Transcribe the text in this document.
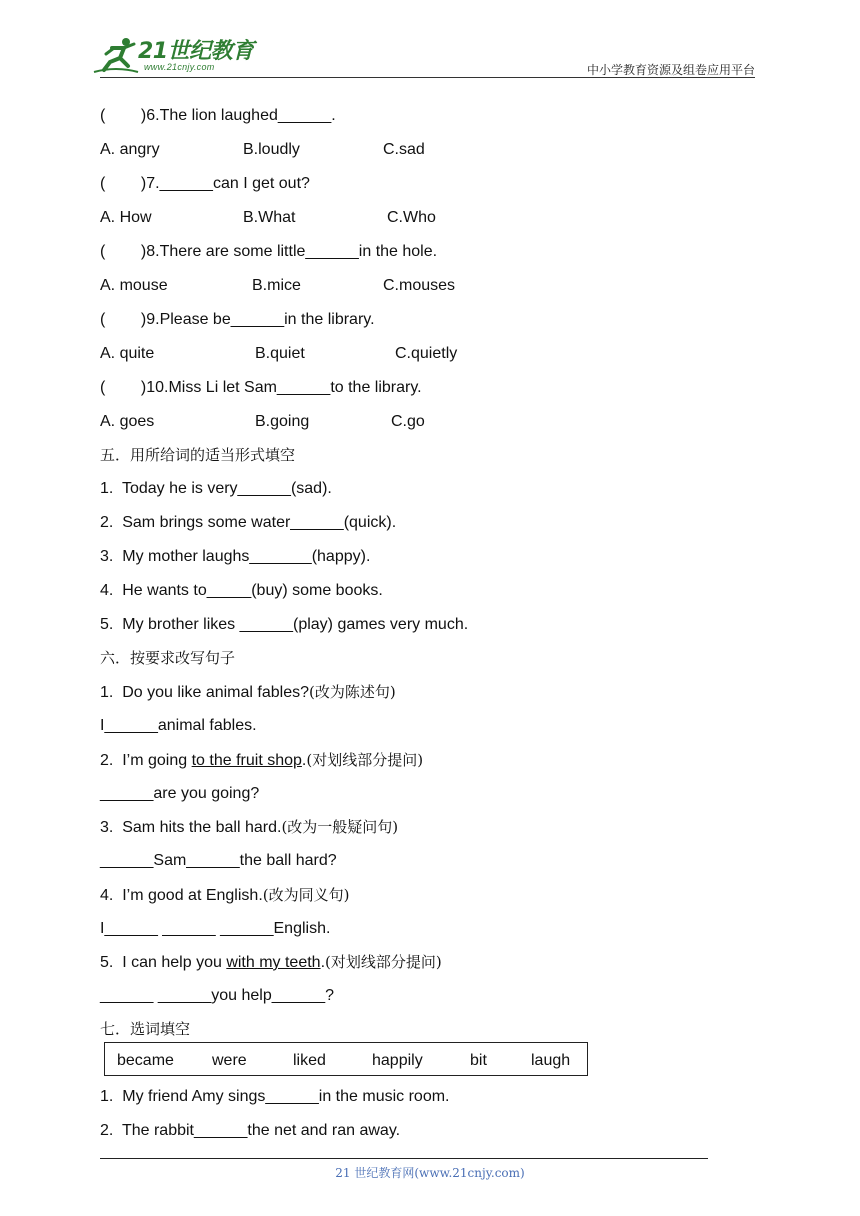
21世纪教育
www.21cnjy.com	中小学教育资源及组卷应用平台
(        )6.The lion laughed______.
A. angry	B.loudly	C.sad
(        )7.______can I get out?
A. How	B.What	C.Who
(        )8.There are some little______in the hole.
A. mouse	B.mice	C.mouses
(        )9.Please be______in the library.
A. quite	B.quiet	C.quietly
(        )10.Miss Li let Sam______to the library.
A. goes	B.going	C.go
五．用所给词的适当形式填空
1.  Today he is very______(sad).
2.  Sam brings some water______(quick).
3.  My mother laughs_______(happy).
4.  He wants to_____(buy) some books.
5.  My brother likes ______(play) games very much.
六．按要求改写句子
1.  Do you like animal fables?(改为陈述句)
I______animal fables.
2.  I’m going to the fruit shop.(对划线部分提问)
______are you going?
3.  Sam hits the ball hard.(改为一般疑问句)
______Sam______the ball hard?
4.  I’m good at English.(改为同义句)
I______ ______ ______English.
5.  I can help you with my teeth.(对划线部分提问)
______ ______you help______?
七．选词填空
became were	liked	happily	bit	laugh
1.  My friend Amy sings______in the music room.
2.  The rabbit______the net and ran away.
21 世纪教育网(www.21cnjy.com)
